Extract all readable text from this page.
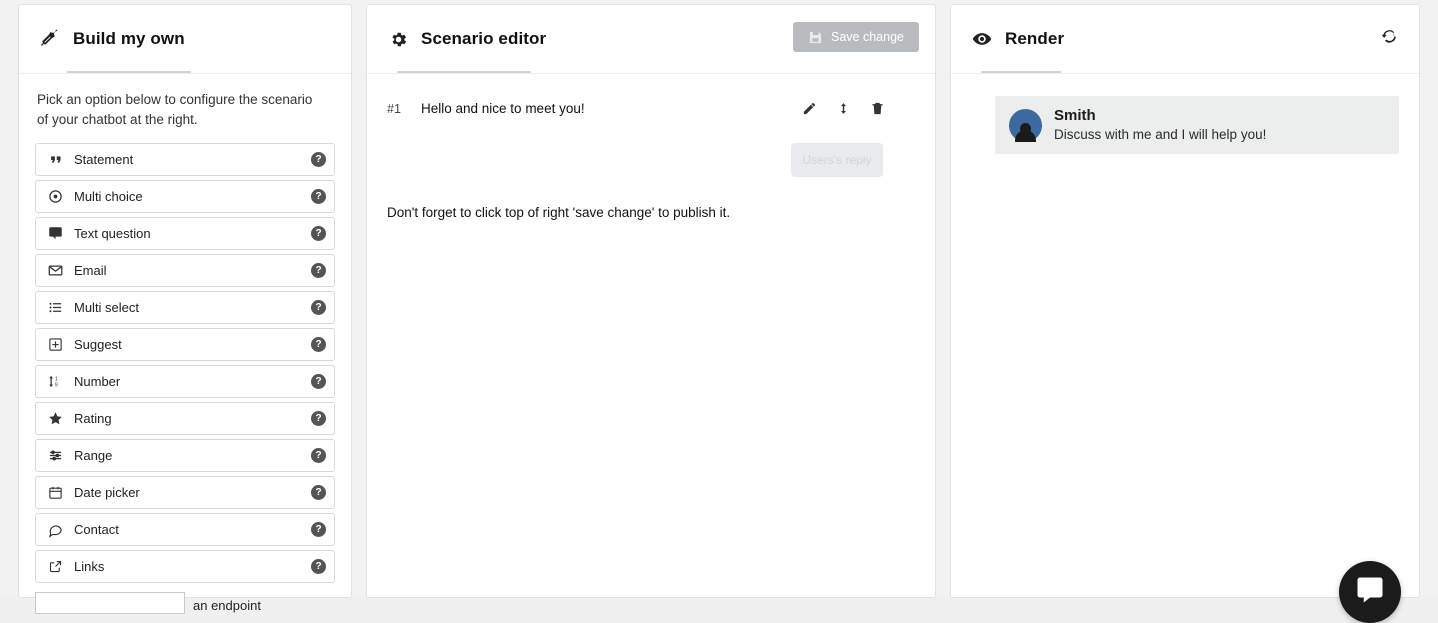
Build my own

Pick an option below to configure the scenario of your chatbot at the right.

Statement	?
Multi choice	?
Text question	?
Email	?
Multi select	?
Suggest	?
1
9 Number	?
Rating	?
Range	?
Date picker	?
Contact	?
Links	?
an endpoint
Scenario editor	Save change
#1	Hello and nice to meet you!
Users's reply
Don't forget to click top of right 'save change' to publish it.
Render
Smith
Discuss with me and I will help you!
